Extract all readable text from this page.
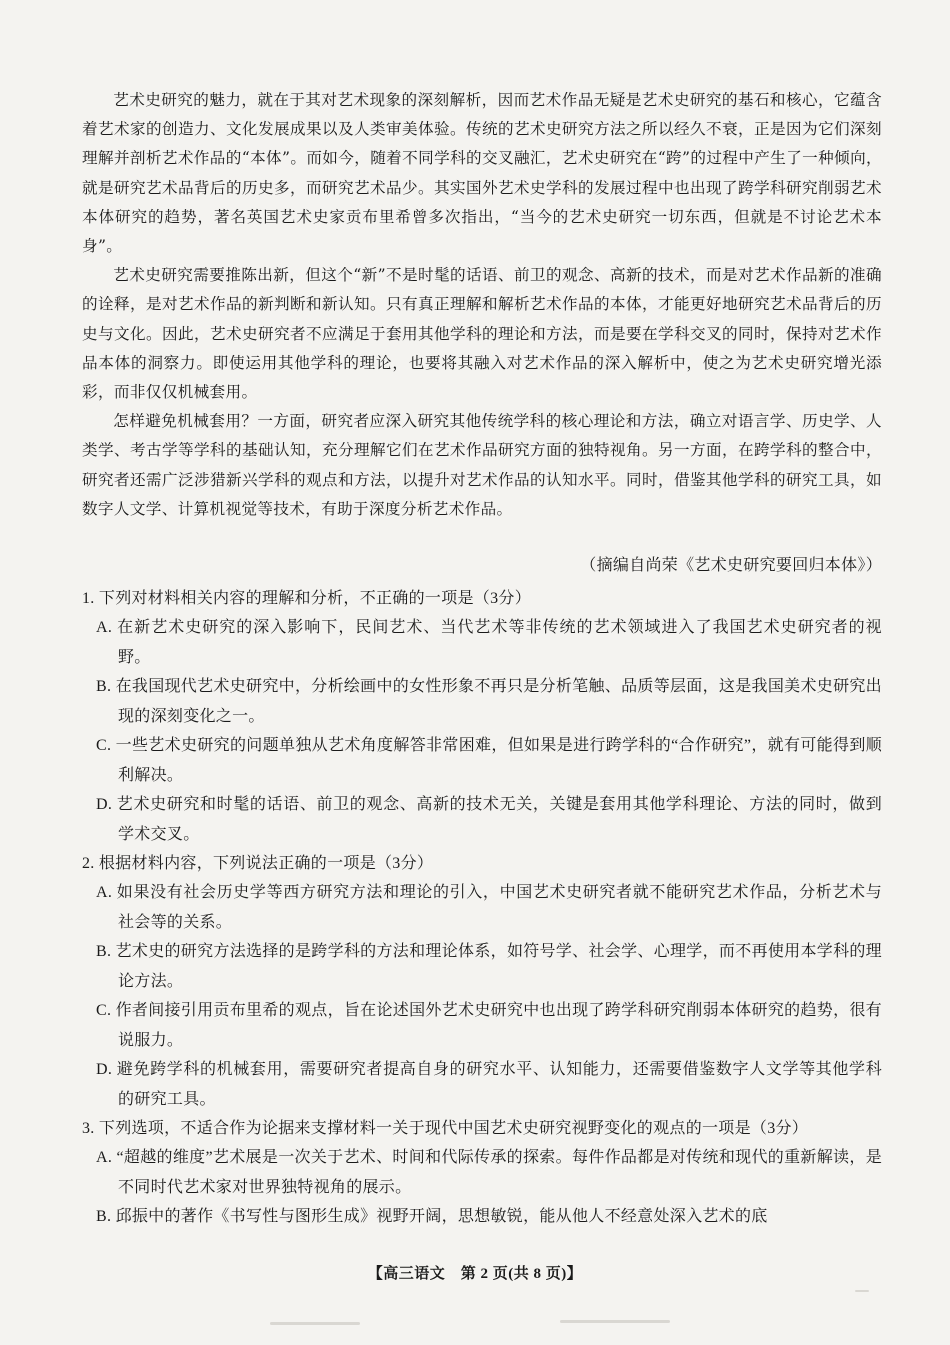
艺术史研究的魅力，就在于其对艺术现象的深刻解析，因而艺术作品无疑是艺术史研究的基石和核心，它蕴含着艺术家的创造力、文化发展成果以及人类审美体验。传统的艺术史研究方法之所以经久不衰，正是因为它们深刻理解并剖析艺术作品的“本体”。而如今，随着不同学科的交叉融汇，艺术史研究在“跨”的过程中产生了一种倾向，就是研究艺术品背后的历史多，而研究艺术品少。其实国外艺术史学科的发展过程中也出现了跨学科研究削弱艺术本体研究的趋势，著名英国艺术史家贡布里希曾多次指出，“当今的艺术史研究一切东西，但就是不讨论艺术本身”。

艺术史研究需要推陈出新，但这个“新”不是时髦的话语、前卫的观念、高新的技术，而是对艺术作品新的准确的诠释，是对艺术作品的新判断和新认知。只有真正理解和解析艺术作品的本体，才能更好地研究艺术品背后的历史与文化。因此，艺术史研究者不应满足于套用其他学科的理论和方法，而是要在学科交叉的同时，保持对艺术作品本体的洞察力。即使运用其他学科的理论，也要将其融入对艺术作品的深入解析中，使之为艺术史研究增光添彩，而非仅仅机械套用。

怎样避免机械套用？一方面，研究者应深入研究其他传统学科的核心理论和方法，确立对语言学、历史学、人类学、考古学等学科的基础认知，充分理解它们在艺术作品研究方面的独特视角。另一方面，在跨学科的整合中，研究者还需广泛涉猎新兴学科的观点和方法，以提升对艺术作品的认知水平。同时，借鉴其他学科的研究工具，如数字人文学、计算机视觉等技术，有助于深度分析艺术作品。

（摘编自尚荣《艺术史研究要回归本体》）
1. 下列对材料相关内容的理解和分析，不正确的一项是（3分）
A. 在新艺术史研究的深入影响下，民间艺术、当代艺术等非传统的艺术领域进入了我国艺术史研究者的视野。
B. 在我国现代艺术史研究中，分析绘画中的女性形象不再只是分析笔触、品质等层面，这是我国美术史研究出现的深刻变化之一。
C. 一些艺术史研究的问题单独从艺术角度解答非常困难，但如果是进行跨学科的“合作研究”，就有可能得到顺利解决。
D. 艺术史研究和时髦的话语、前卫的观念、高新的技术无关，关键是套用其他学科理论、方法的同时，做到学术交叉。
2. 根据材料内容，下列说法正确的一项是（3分）
A. 如果没有社会历史学等西方研究方法和理论的引入，中国艺术史研究者就不能研究艺术作品，分析艺术与社会等的关系。
B. 艺术史的研究方法选择的是跨学科的方法和理论体系，如符号学、社会学、心理学，而不再使用本学科的理论方法。
C. 作者间接引用贡布里希的观点，旨在论述国外艺术史研究中也出现了跨学科研究削弱本体研究的趋势，很有说服力。
D. 避免跨学科的机械套用，需要研究者提高自身的研究水平、认知能力，还需要借鉴数字人文学等其他学科的研究工具。
3. 下列选项，不适合作为论据来支撑材料一关于现代中国艺术史研究视野变化的观点的一项是（3分）
A. “超越的维度”艺术展是一次关于艺术、时间和代际传承的探索。每件作品都是对传统和现代的重新解读，是不同时代艺术家对世界独特视角的展示。
B. 邱振中的著作《书写性与图形生成》视野开阔，思想敏锐，能从他人不经意处深入艺术的底
【高三语文　第 2 页(共 8 页)】
